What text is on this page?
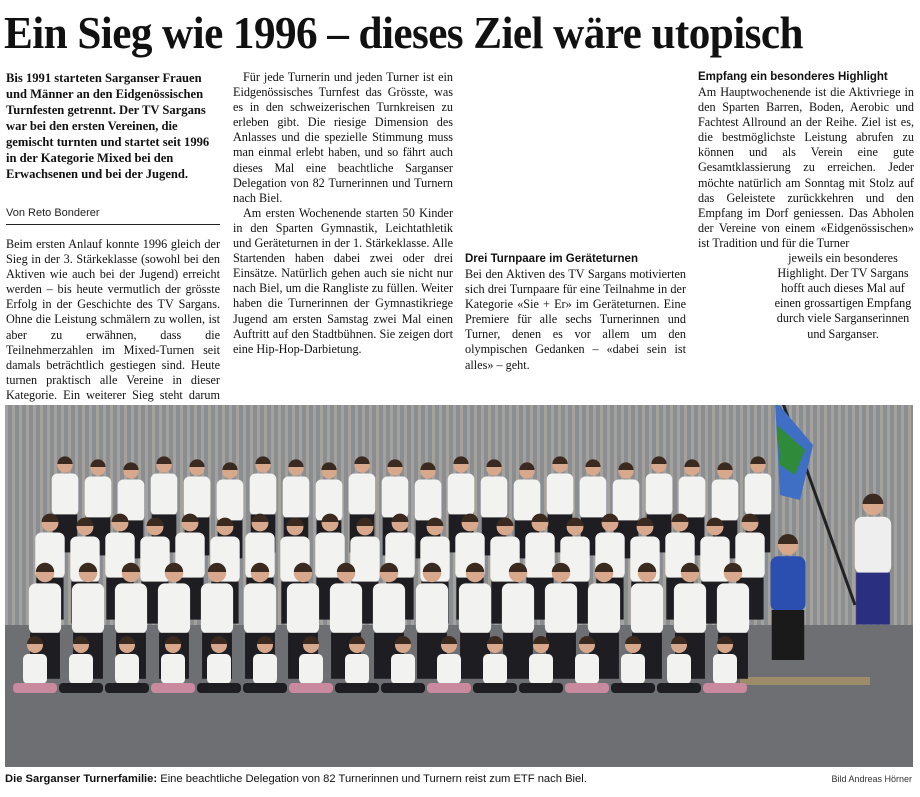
Ein Sieg wie 1996 – dieses Ziel wäre utopisch

Bis 1991 starteten Sarganser Frauen und Männer an den Eidgenössischen Turnfesten getrennt. Der TV Sargans war bei den ersten Vereinen, die gemischt turnten und startet seit 1996 in der Kategorie Mixed bei den Erwachsenen und bei der Jugend.

Von Reto Bonderer

Beim ersten Anlauf konnte 1996 gleich der Sieg in der 3. Stärkeklasse (sowohl bei den Aktiven wie auch bei der Jugend) erreicht werden – bis heute vermutlich der grösste Erfolg in der Geschichte des TV Sargans. Ohne die Leistung schmälern zu wollen, ist aber zu erwähnen, dass die Teilnehmerzahlen im Mixed-Turnen seit damals beträchtlich gestiegen sind. Heute turnen praktisch alle Vereine in dieser Kategorie. Ein weiterer Sieg steht darum

Für jede Turnerin und jeden Turner ist ein Eidgenössisches Turnfest das Grösste, was es in den schweizerischen Turnkreisen zu erleben gibt. Die riesige Dimension des Anlasses und die spezielle Stimmung muss man einmal erlebt haben, und so fährt auch dieses Mal eine beachtliche Sarganser Delegation von 82 Turnerinnen und Turnern nach Biel.

Am ersten Wochenende starten 50 Kinder in den Sparten Gymnastik, Leichtathletik und Geräteturnen in der 1. Stärkeklasse. Alle Startenden haben dabei zwei oder drei Einsätze. Natürlich gehen auch sie nicht nur nach Biel, um die Rangliste zu füllen. Weiter haben die Turnerinnen der Gymnastikriege Jugend am ersten Samstag zwei Mal einen Auftritt auf den Stadtbühnen. Sie zeigen dort eine Hip-Hop-Darbietung.

Drei Turnpaare im Geräteturnen

Bei den Aktiven des TV Sargans motivierten sich drei Turnpaare für eine Teilnahme in der Kategorie «Sie + Er» im Geräteturnen. Eine Premiere für alle sechs Turnerinnen und Turner, denen es vor allem um den olympischen Gedanken – «dabei sein ist alles» – geht.

Empfang ein besonderes Highlight

Am Hauptwochenende ist die Aktivriege in den Sparten Barren, Boden, Aerobic und Fachtest Allround an der Reihe. Ziel ist es, die bestmöglichste Leistung abrufen zu können und als Verein eine gute Gesamtklassierung zu erreichen. Jeder möchte natürlich am Sonntag mit Stolz auf das Geleistete zurückkehren und den Empfang im Dorf geniessen. Das Abholen der Vereine von einem «Eidgenössischen» ist Tradition und für die Turner

jeweils ein besonderes Highlight. Der TV Sargans hofft auch dieses Mal auf einen grossartigen Empfang durch viele Sarganserinnen und Sarganser.

Die Sarganser Turnerfamilie: Eine beachtliche Delegation von 82 Turnerinnen und Turnern reist zum ETF nach Biel.	Bild Andreas Hörner
